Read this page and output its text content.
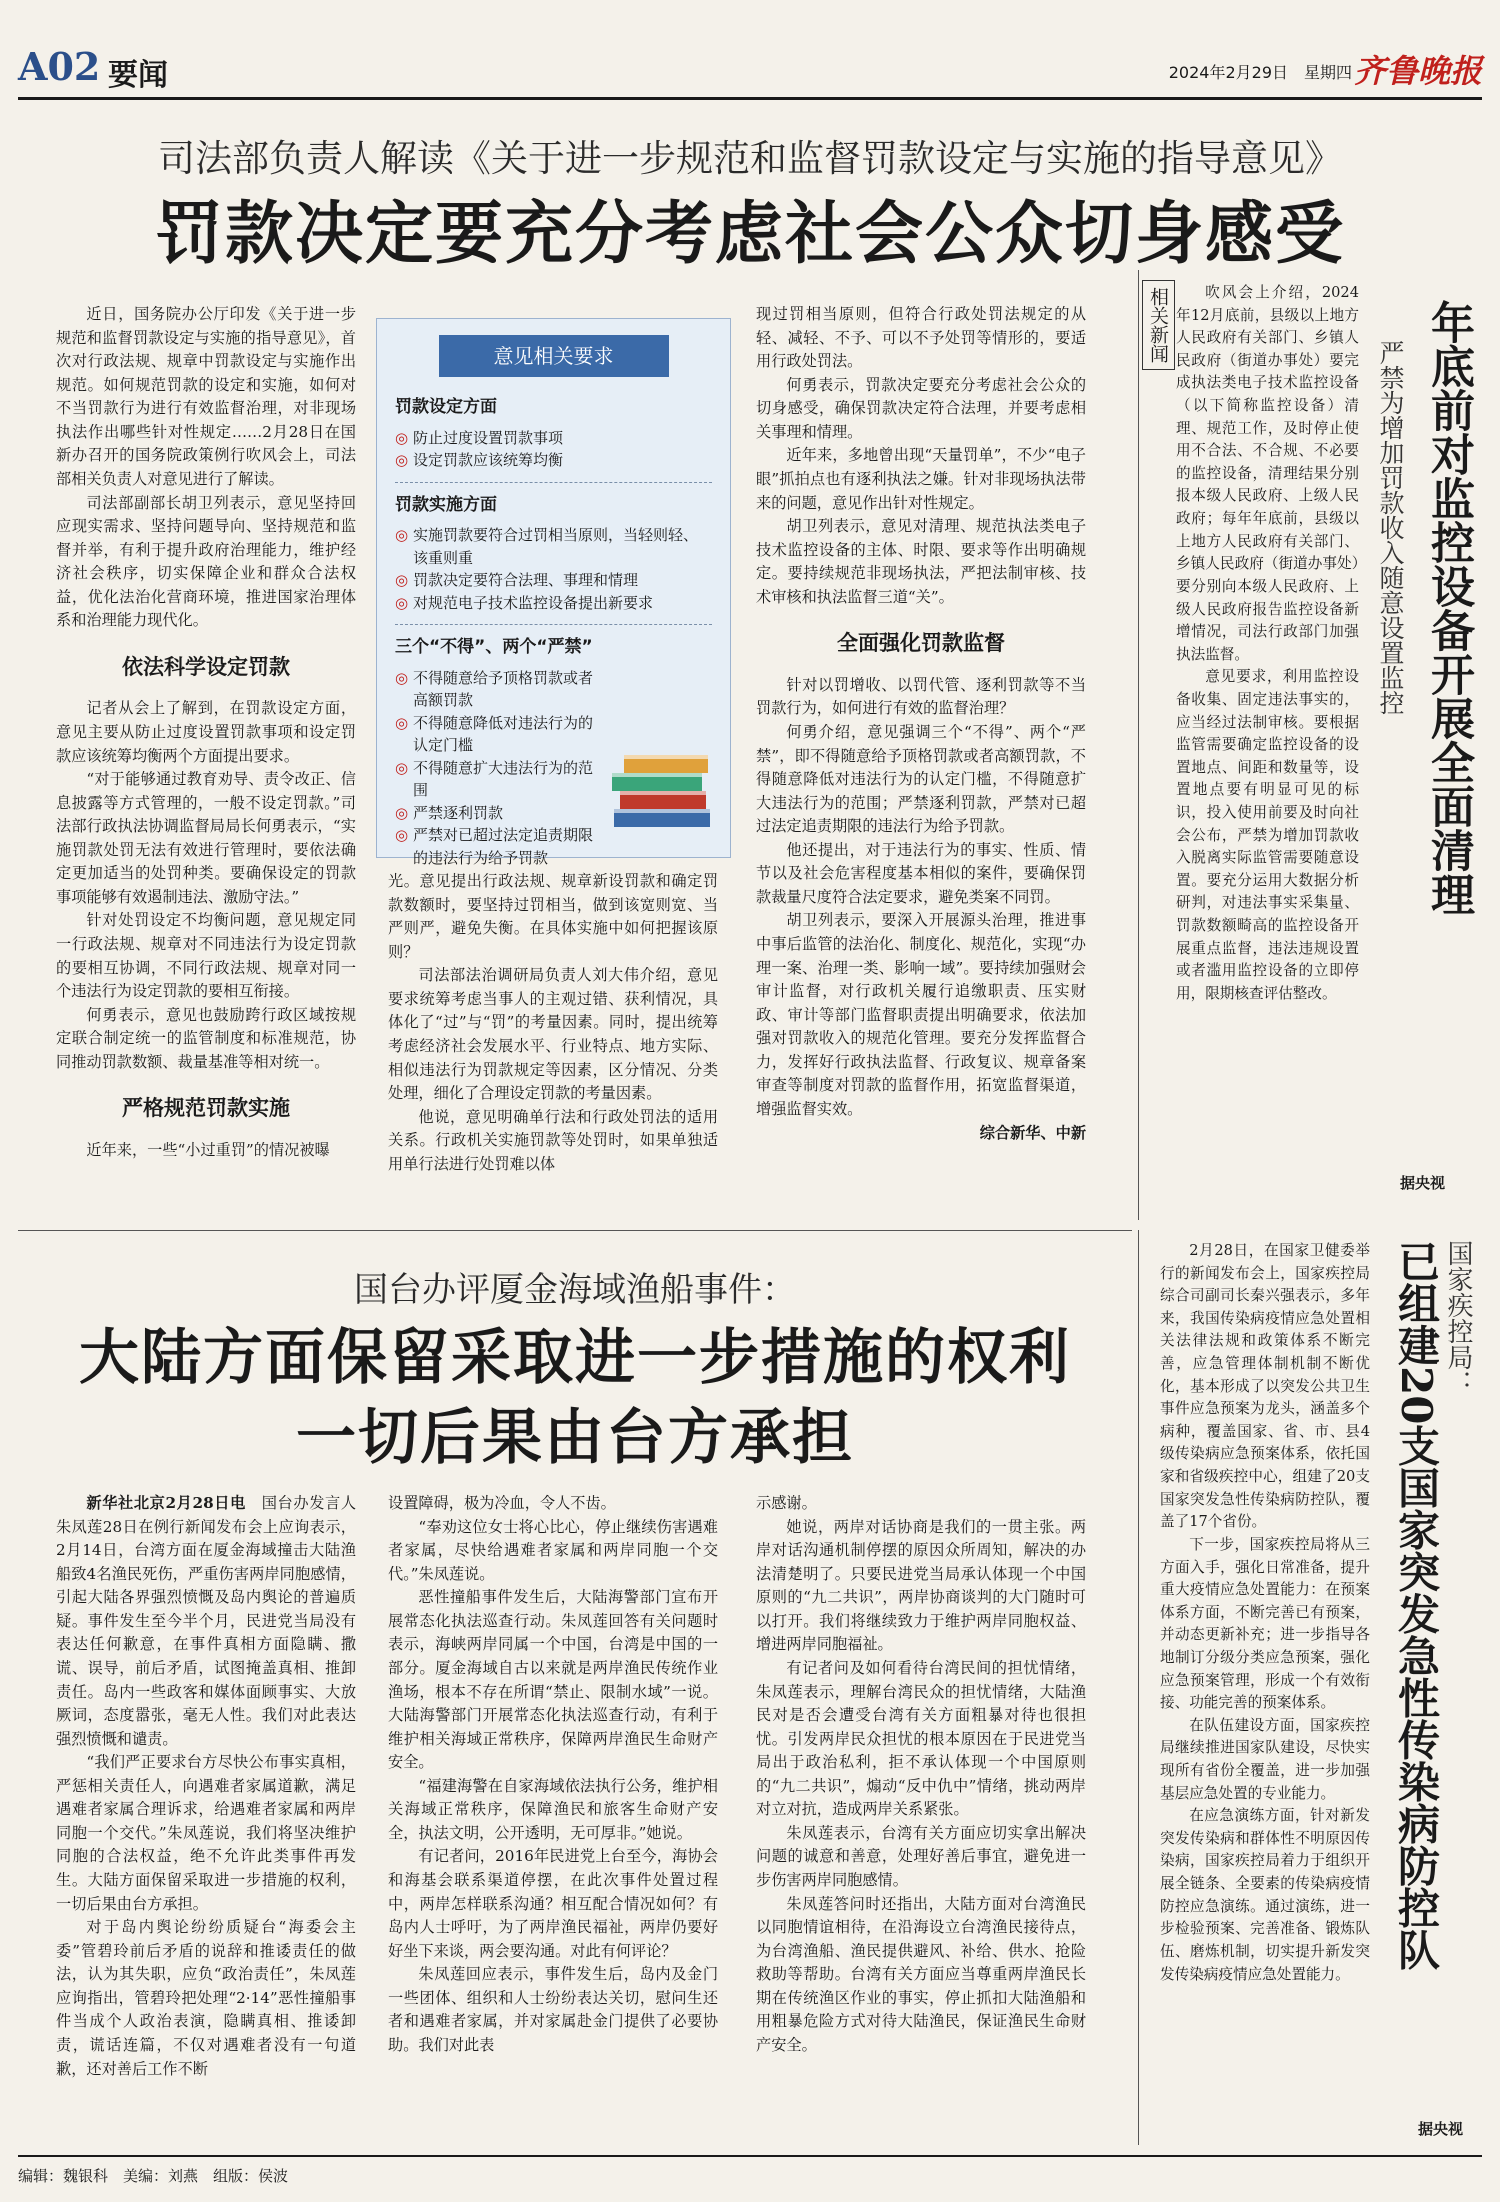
A02 要闻	2024年2月29日　星期四 齐鲁晚报
司法部负责人解读《关于进一步规范和监督罚款设定与实施的指导意见》
罚款决定要充分考虑社会公众切身感受

近日，国务院办公厅印发《关于进一步规范和监督罚款设定与实施的指导意见》，首次对行政法规、规章中罚款设定与实施作出规范。如何规范罚款的设定和实施，如何对不当罚款行为进行有效监督治理，对非现场执法作出哪些针对性规定……2月28日在国新办召开的国务院政策例行吹风会上，司法部相关负责人对意见进行了解读。

司法部副部长胡卫列表示，意见坚持回应现实需求、坚持问题导向、坚持规范和监督并举，有利于提升政府治理能力，维护经济社会秩序，切实保障企业和群众合法权益，优化法治化营商环境，推进国家治理体系和治理能力现代化。

依法科学设定罚款

记者从会上了解到，在罚款设定方面，意见主要从防止过度设置罚款事项和设定罚款应该统筹均衡两个方面提出要求。

“对于能够通过教育劝导、责令改正、信息披露等方式管理的，一般不设定罚款。”司法部行政执法协调监督局局长何勇表示，“实施罚款处罚无法有效进行管理时，要依法确定更加适当的处罚种类。要确保设定的罚款事项能够有效遏制违法、激励守法。”

针对处罚设定不均衡问题，意见规定同一行政法规、规章对不同违法行为设定罚款的要相互协调，不同行政法规、规章对同一个违法行为设定罚款的要相互衔接。

何勇表示，意见也鼓励跨行政区域按规定联合制定统一的监管制度和标准规范，协同推动罚款数额、裁量基准等相对统一。

严格规范罚款实施

近年来，一些“小过重罚”的情况被曝

意见相关要求
罚款设定方面
◎ 防止过度设置罚款事项
◎ 设定罚款应该统筹均衡
罚款实施方面
◎ 实施罚款要符合过罚相当原则，当轻则轻、该重则重
◎ 罚款决定要符合法理、事理和情理
◎ 对规范电子技术监控设备提出新要求
三个“不得”、两个“严禁”
◎ 不得随意给予顶格罚款或者高额罚款
◎ 不得随意降低对违法行为的认定门槛
◎ 不得随意扩大违法行为的范围
◎ 严禁逐利罚款
◎ 严禁对已超过法定追责期限的违法行为给予罚款

光。意见提出行政法规、规章新设罚款和确定罚款数额时，要坚持过罚相当，做到该宽则宽、当严则严，避免失衡。在具体实施中如何把握该原则？

司法部法治调研局负责人刘大伟介绍，意见要求统筹考虑当事人的主观过错、获利情况，具体化了“过”与“罚”的考量因素。同时，提出统筹考虑经济社会发展水平、行业特点、地方实际、相似违法行为罚款规定等因素，区分情况、分类处理，细化了合理设定罚款的考量因素。

他说，意见明确单行法和行政处罚法的适用关系。行政机关实施罚款等处罚时，如果单独适用单行法进行处罚难以体

现过罚相当原则，但符合行政处罚法规定的从轻、减轻、不予、可以不予处罚等情形的，要适用行政处罚法。

何勇表示，罚款决定要充分考虑社会公众的切身感受，确保罚款决定符合法理，并要考虑相关事理和情理。

近年来，多地曾出现“天量罚单”，不少“电子眼”抓拍点也有逐利执法之嫌。针对非现场执法带来的问题，意见作出针对性规定。

胡卫列表示，意见对清理、规范执法类电子技术监控设备的主体、时限、要求等作出明确规定。要持续规范非现场执法，严把法制审核、技术审核和执法监督三道“关”。

全面强化罚款监督

针对以罚增收、以罚代管、逐利罚款等不当罚款行为，如何进行有效的监督治理？

何勇介绍，意见强调三个“不得”、两个“严禁”，即不得随意给予顶格罚款或者高额罚款，不得随意降低对违法行为的认定门槛，不得随意扩大违法行为的范围；严禁逐利罚款，严禁对已超过法定追责期限的违法行为给予罚款。

他还提出，对于违法行为的事实、性质、情节以及社会危害程度基本相似的案件，要确保罚款裁量尺度符合法定要求，避免类案不同罚。

胡卫列表示，要深入开展源头治理，推进事中事后监管的法治化、制度化、规范化，实现“办理一案、治理一类、影响一域”。要持续加强财会审计监督，对行政机关履行追缴职责、压实财政、审计等部门监督职责提出明确要求，依法加强对罚款收入的规范化管理。要充分发挥监督合力，发挥好行政执法监督、行政复议、规章备案审查等制度对罚款的监督作用，拓宽监督渠道，增强监督实效。

综合新华、中新

相关新闻	吹风会上介绍，2024年12月底前，县级以上地方人民政府有关部门、乡镇人民政府（街道办事处）要完成执法类电子技术监控设备（以下简称监控设备）清理、规范工作，及时停止使用不合法、不合规、不必要的监控设备，清理结果分别报本级人民政府、上级人民政府；每年年底前，县级以上地方人民政府有关部门、乡镇人民政府（街道办事处）要分别向本级人民政府、上级人民政府报告监控设备新增情况，司法行政部门加强执法监督。

意见要求，利用监控设备收集、固定违法事实的，应当经过法制审核。要根据监管需要确定监控设备的设置地点、间距和数量等，设置地点要有明显可见的标识，投入使用前要及时向社会公布，严禁为增加罚款收入脱离实际监管需要随意设置。要充分运用大数据分析研判，对违法事实采集量、罚款数额畸高的监控设备开展重点监督，违法违规设置或者滥用监控设备的立即停用，限期核查评估整改。

年底前对监控设备开展全面清理
严禁为增加罚款收入随意设置监控
据央视
国台办评厦金海域渔船事件：
大陆方面保留采取进一步措施的权利
一切后果由台方承担

新华社北京2月28日电　 国台办发言人朱凤莲28日在例行新闻发布会上应询表示，2月14日，台湾方面在厦金海域撞击大陆渔船致4名渔民死伤，严重伤害两岸同胞感情，引起大陆各界强烈愤慨及岛内舆论的普遍质疑。事件发生至今半个月，民进党当局没有表达任何歉意，在事件真相方面隐瞒、撒谎、误导，前后矛盾，试图掩盖真相、推卸责任。岛内一些政客和媒体面顾事实、大放厥词，态度嚣张，毫无人性。我们对此表达强烈愤慨和谴责。

“我们严正要求台方尽快公布事实真相，严惩相关责任人，向遇难者家属道歉，满足遇难者家属合理诉求，给遇难者家属和两岸同胞一个交代。”朱凤莲说，我们将坚决维护同胞的合法权益，绝不允许此类事件再发生。大陆方面保留采取进一步措施的权利，一切后果由台方承担。

对于岛内舆论纷纷质疑台“海委会主委”管碧玲前后矛盾的说辞和推诿责任的做法，认为其失职，应负“政治责任”，朱凤莲应询指出，管碧玲把处理“2·14”恶性撞船事件当成个人政治表演，隐瞒真相、推诿卸责，谎话连篇，不仅对遇难者没有一句道歉，还对善后工作不断

设置障碍，极为冷血，令人不齿。

“奉劝这位女士将心比心，停止继续伤害遇难者家属，尽快给遇难者家属和两岸同胞一个交代。”朱凤莲说。

恶性撞船事件发生后，大陆海警部门宣布开展常态化执法巡查行动。朱凤莲回答有关问题时表示，海峡两岸同属一个中国，台湾是中国的一部分。厦金海域自古以来就是两岸渔民传统作业渔场，根本不存在所谓“禁止、限制水域”一说。大陆海警部门开展常态化执法巡查行动，有利于维护相关海域正常秩序，保障两岸渔民生命财产安全。

“福建海警在自家海域依法执行公务，维护相关海域正常秩序，保障渔民和旅客生命财产安全，执法文明，公开透明，无可厚非。”她说。

有记者问，2016年民进党上台至今，海协会和海基会联系渠道停摆，在此次事件处置过程中，两岸怎样联系沟通？相互配合情况如何？有岛内人士呼吁，为了两岸渔民福祉，两岸仍要好好坐下来谈，两会要沟通。对此有何评论？

朱凤莲回应表示，事件发生后，岛内及金门一些团体、组织和人士纷纷表达关切，慰问生还者和遇难者家属，并对家属赴金门提供了必要协助。我们对此表

示感谢。

她说，两岸对话协商是我们的一贯主张。两岸对话沟通机制停摆的原因众所周知，解决的办法清楚明了。只要民进党当局承认体现一个中国原则的“九二共识”，两岸协商谈判的大门随时可以打开。我们将继续致力于维护两岸同胞权益、增进两岸同胞福祉。

有记者问及如何看待台湾民间的担忧情绪，朱凤莲表示，理解台湾民众的担忧情绪，大陆渔民对是否会遭受台湾有关方面粗暴对待也很担忧。引发两岸民众担忧的根本原因在于民进党当局出于政治私利，拒不承认体现一个中国原则的“九二共识”，煽动“反中仇中”情绪，挑动两岸对立对抗，造成两岸关系紧张。

朱凤莲表示，台湾有关方面应切实拿出解决问题的诚意和善意，处理好善后事宜，避免进一步伤害两岸同胞感情。

朱凤莲答问时还指出，大陆方面对台湾渔民以同胞情谊相待，在沿海设立台湾渔民接待点，为台湾渔船、渔民提供避风、补给、供水、抢险救助等帮助。台湾有关方面应当尊重两岸渔民长期在传统渔区作业的事实，停止抓扣大陆渔船和用粗暴危险方式对待大陆渔民，保证渔民生命财产安全。

国家疾控局：
已组建20支国家突发急性传染病防控队

2月28日，在国家卫健委举行的新闻发布会上，国家疾控局综合司副司长秦兴强表示，多年来，我国传染病疫情应急处置相关法律法规和政策体系不断完善，应急管理体制机制不断优化，基本形成了以突发公共卫生事件应急预案为龙头，涵盖多个病种，覆盖国家、省、市、县4级传染病应急预案体系，依托国家和省级疾控中心，组建了20支国家突发急性传染病防控队，覆盖了17个省份。

下一步，国家疾控局将从三方面入手，强化日常准备，提升重大疫情应急处置能力：在预案体系方面，不断完善已有预案，并动态更新补充；进一步指导各地制订分级分类应急预案，强化应急预案管理，形成一个有效衔接、功能完善的预案体系。

在队伍建设方面，国家疾控局继续推进国家队建设，尽快实现所有省份全覆盖，进一步加强基层应急处置的专业能力。

在应急演练方面，针对新发突发传染病和群体性不明原因传染病，国家疾控局着力于组织开展全链条、全要素的传染病疫情防控应急演练。通过演练，进一步检验预案、完善准备、锻炼队伍、磨炼机制，切实提升新发突发传染病疫情应急处置能力。

据央视
编辑：魏银科　美编：刘燕　组版：侯波
